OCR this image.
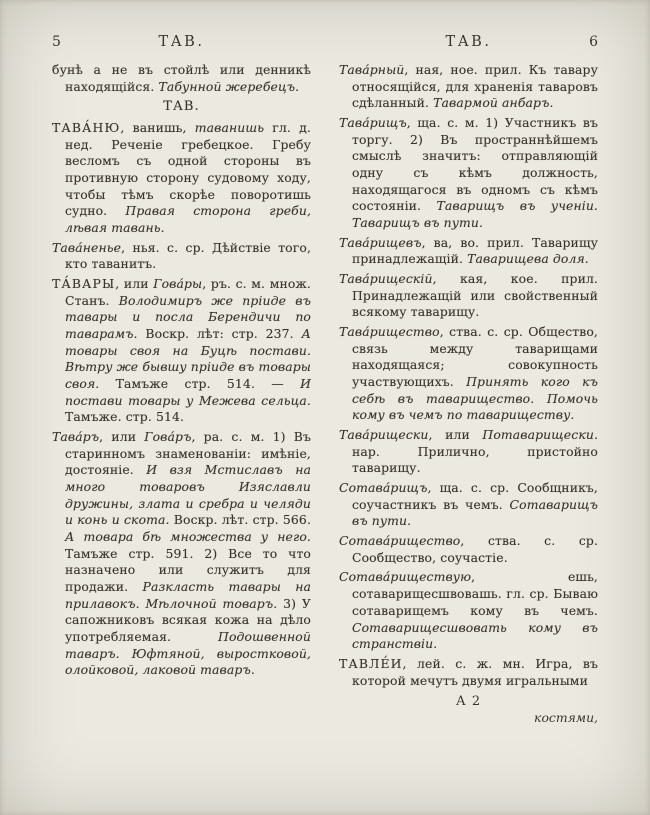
5	ТАВ.

бунѣ а не въ стойлѣ или денникѣ находящійся. Табунной жеребецъ.

ТАВ.

ТАВА́НЮ, ванишь, таванишь гл. д. нед. Реченіе гребецкое. Гребу весломъ съ одной стороны въ противную сторону судовому ходу, чтобы тѣмъ скорѣе поворотишь судно. Правая сторона греби, лѣвая тавань.

Тава́ненье, нья. с. ср. Дѣйствіе того, кто таванитъ.

ТА́ВАРЫ, или Гова́ры, ръ. с. м. множ. Станъ. Володимиръ же пріиде въ тавары и посла Берендичи по таварамъ. Воскр. лѣт: стр. 237. А товары своя на Буцѣ постави. Вѣтру же бывшу пріиде въ товары своя. Тамъже стр. 514. — И постави товары у Межева сельца. Тамъже. стр. 514.

Тава́ръ, или Гова́ръ, ра. с. м. 1) Въ старинномъ знаменованіи: имѣніе, достояніе. И взя Мстиславъ на много товаровъ Изяславли дружины, злата и сребра и челяди и конь и скота. Воскр. лѣт. стр. 566. А товара бѣ множества у него. Тамъже стр. 591. 2) Все то что назначено или служитъ для продажи. Разкласть тавары на прилавокъ. Мѣлочной товаръ. 3) У сапожниковъ всякая кожа на дѣло употребляемая. Подошвенной таваръ. Юфтяной, выростковой, олойковой, лаковой таваръ.

ТАВ.	6

Тава́рный, ная, ное. прил. Къ тавару относящійся, для храненія таваровъ сдѣланный. Тавармой анбаръ.

Тава́рищъ, ща. с. м. 1) Участникъ въ торгу. 2) Въ пространнѣйшемъ смыслѣ значитъ: отправляющій одну съ кѣмъ должность, находящагося въ одномъ съ кѣмъ состояніи. Таварищъ въ ученіи. Таварищъ въ пути.

Тава́рищевъ, ва, во. прил. Таварищу принадлежащій. Таварищева доля.

Тава́рищескій, кая, кое. прил. Принадлежащій или свойственный всякому таварищу.

Тава́рищество, ства. с. ср. Общество, связь между таварищами находящаяся; совокупность участвующихъ. Принять кого къ себѣ въ таварищество. Помочь кому въ чемъ по тавариществу.

Тава́рищески, или Потаварищески. нар. Прилично, пристойно таварищу.

Сотава́рищъ, ща. с. ср. Сообщникъ, соучастникъ въ чемъ. Сотаварищъ въ пути.

Сотава́рищество, ства. с. ср. Сообщество, соучастіе.

Сотава́риществую, ешь, сотаварищесшвовашь. гл. ср. Бываю сотаварищемъ кому въ чемъ. Сотаварищесшвовать кому въ странствіи.

ТАВЛЕ́И, лей. с. ж. мн. Игра, въ которой мечутъ двумя игральными

А 2
костями,
